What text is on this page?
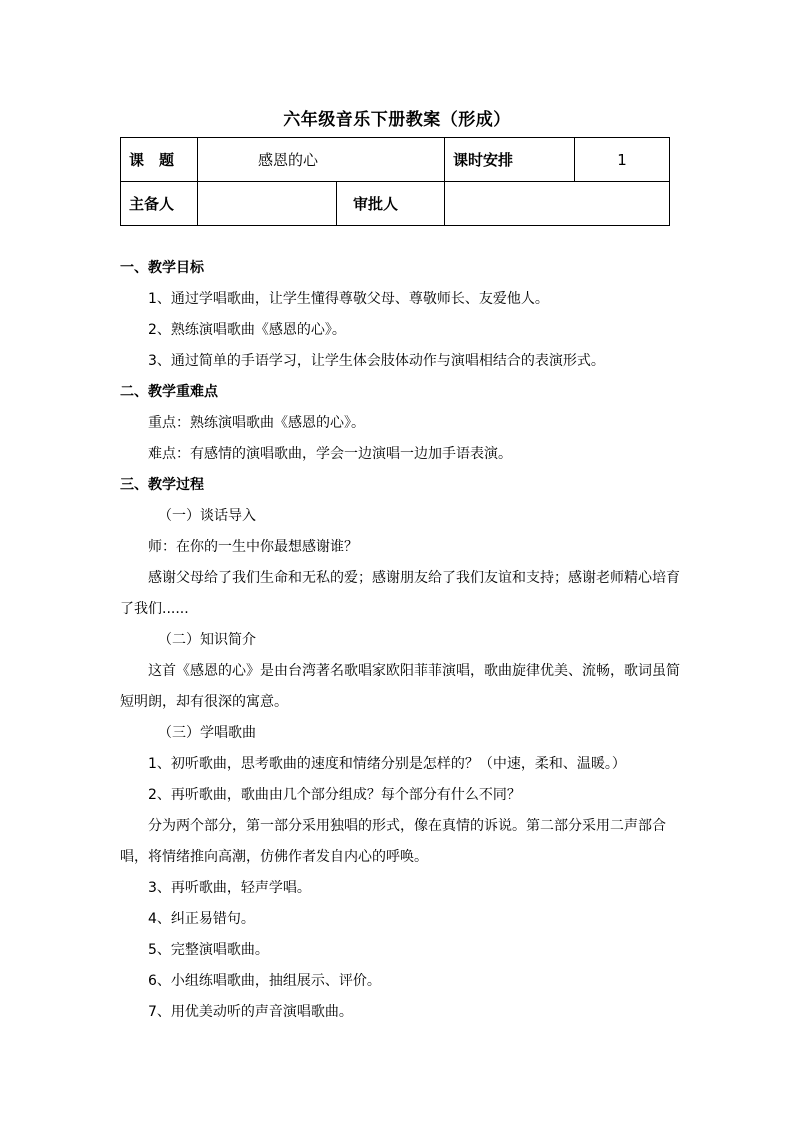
六年级音乐下册教案（形成）
课　题	感恩的心		课时安排	1
主备人		审批人		

一、教学目标

1、通过学唱歌曲，让学生懂得尊敬父母、尊敬师长、友爱他人。

2、熟练演唱歌曲《感恩的心》。

3、通过简单的手语学习，让学生体会肢体动作与演唱相结合的表演形式。

二、教学重难点

重点：熟练演唱歌曲《感恩的心》。

难点：有感情的演唱歌曲，学会一边演唱一边加手语表演。

三、教学过程

（一）谈话导入

师：在你的一生中你最想感谢谁？

感谢父母给了我们生命和无私的爱；感谢朋友给了我们友谊和支持；感谢老师精心培育了我们......

（二）知识简介

这首《感恩的心》是由台湾著名歌唱家欧阳菲菲演唱，歌曲旋律优美、流畅，歌词虽简短明朗，却有很深的寓意。

（三）学唱歌曲

1、初听歌曲，思考歌曲的速度和情绪分别是怎样的？（中速，柔和、温暖。）

2、再听歌曲，歌曲由几个部分组成？每个部分有什么不同？

分为两个部分，第一部分采用独唱的形式，像在真情的诉说。第二部分采用二声部合唱，将情绪推向高潮，仿佛作者发自内心的呼唤。

3、再听歌曲，轻声学唱。

4、纠正易错句。

5、完整演唱歌曲。

6、小组练唱歌曲，抽组展示、评价。

7、用优美动听的声音演唱歌曲。
